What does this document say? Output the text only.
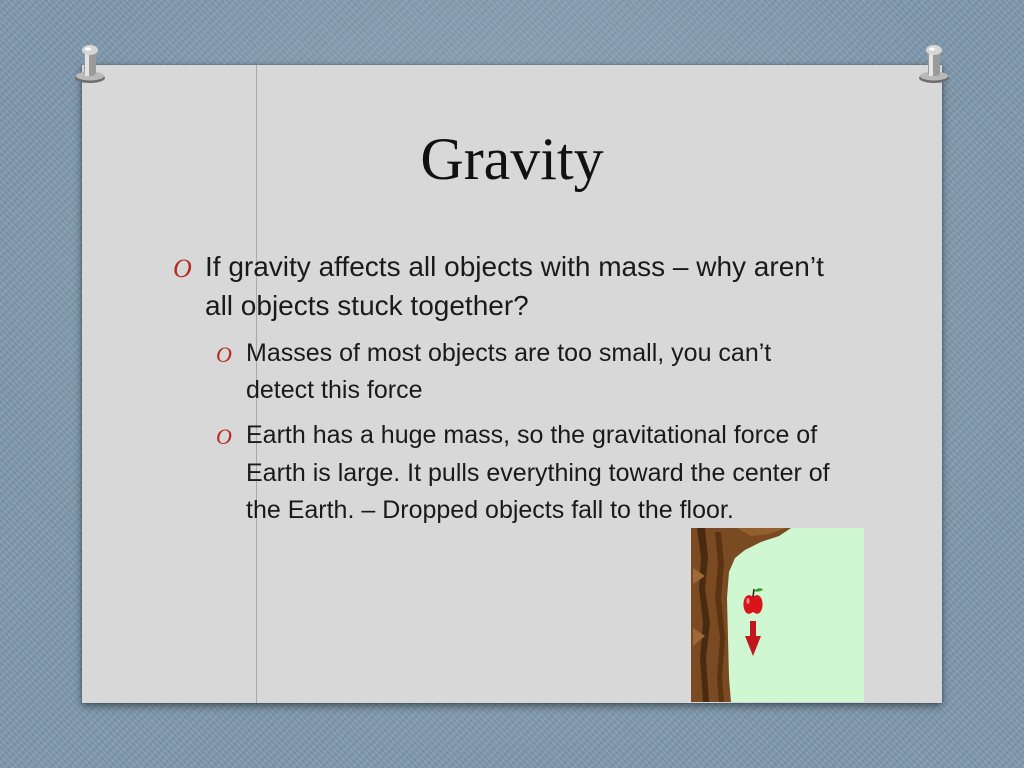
Gravity
O If gravity affects all objects with mass – why aren’t all objects stuck together?
O Masses of most objects are too small, you can’t detect this force
O Earth has a huge mass, so the gravitational force of Earth is large. It pulls everything toward the center of the Earth. – Dropped objects fall to the floor.
